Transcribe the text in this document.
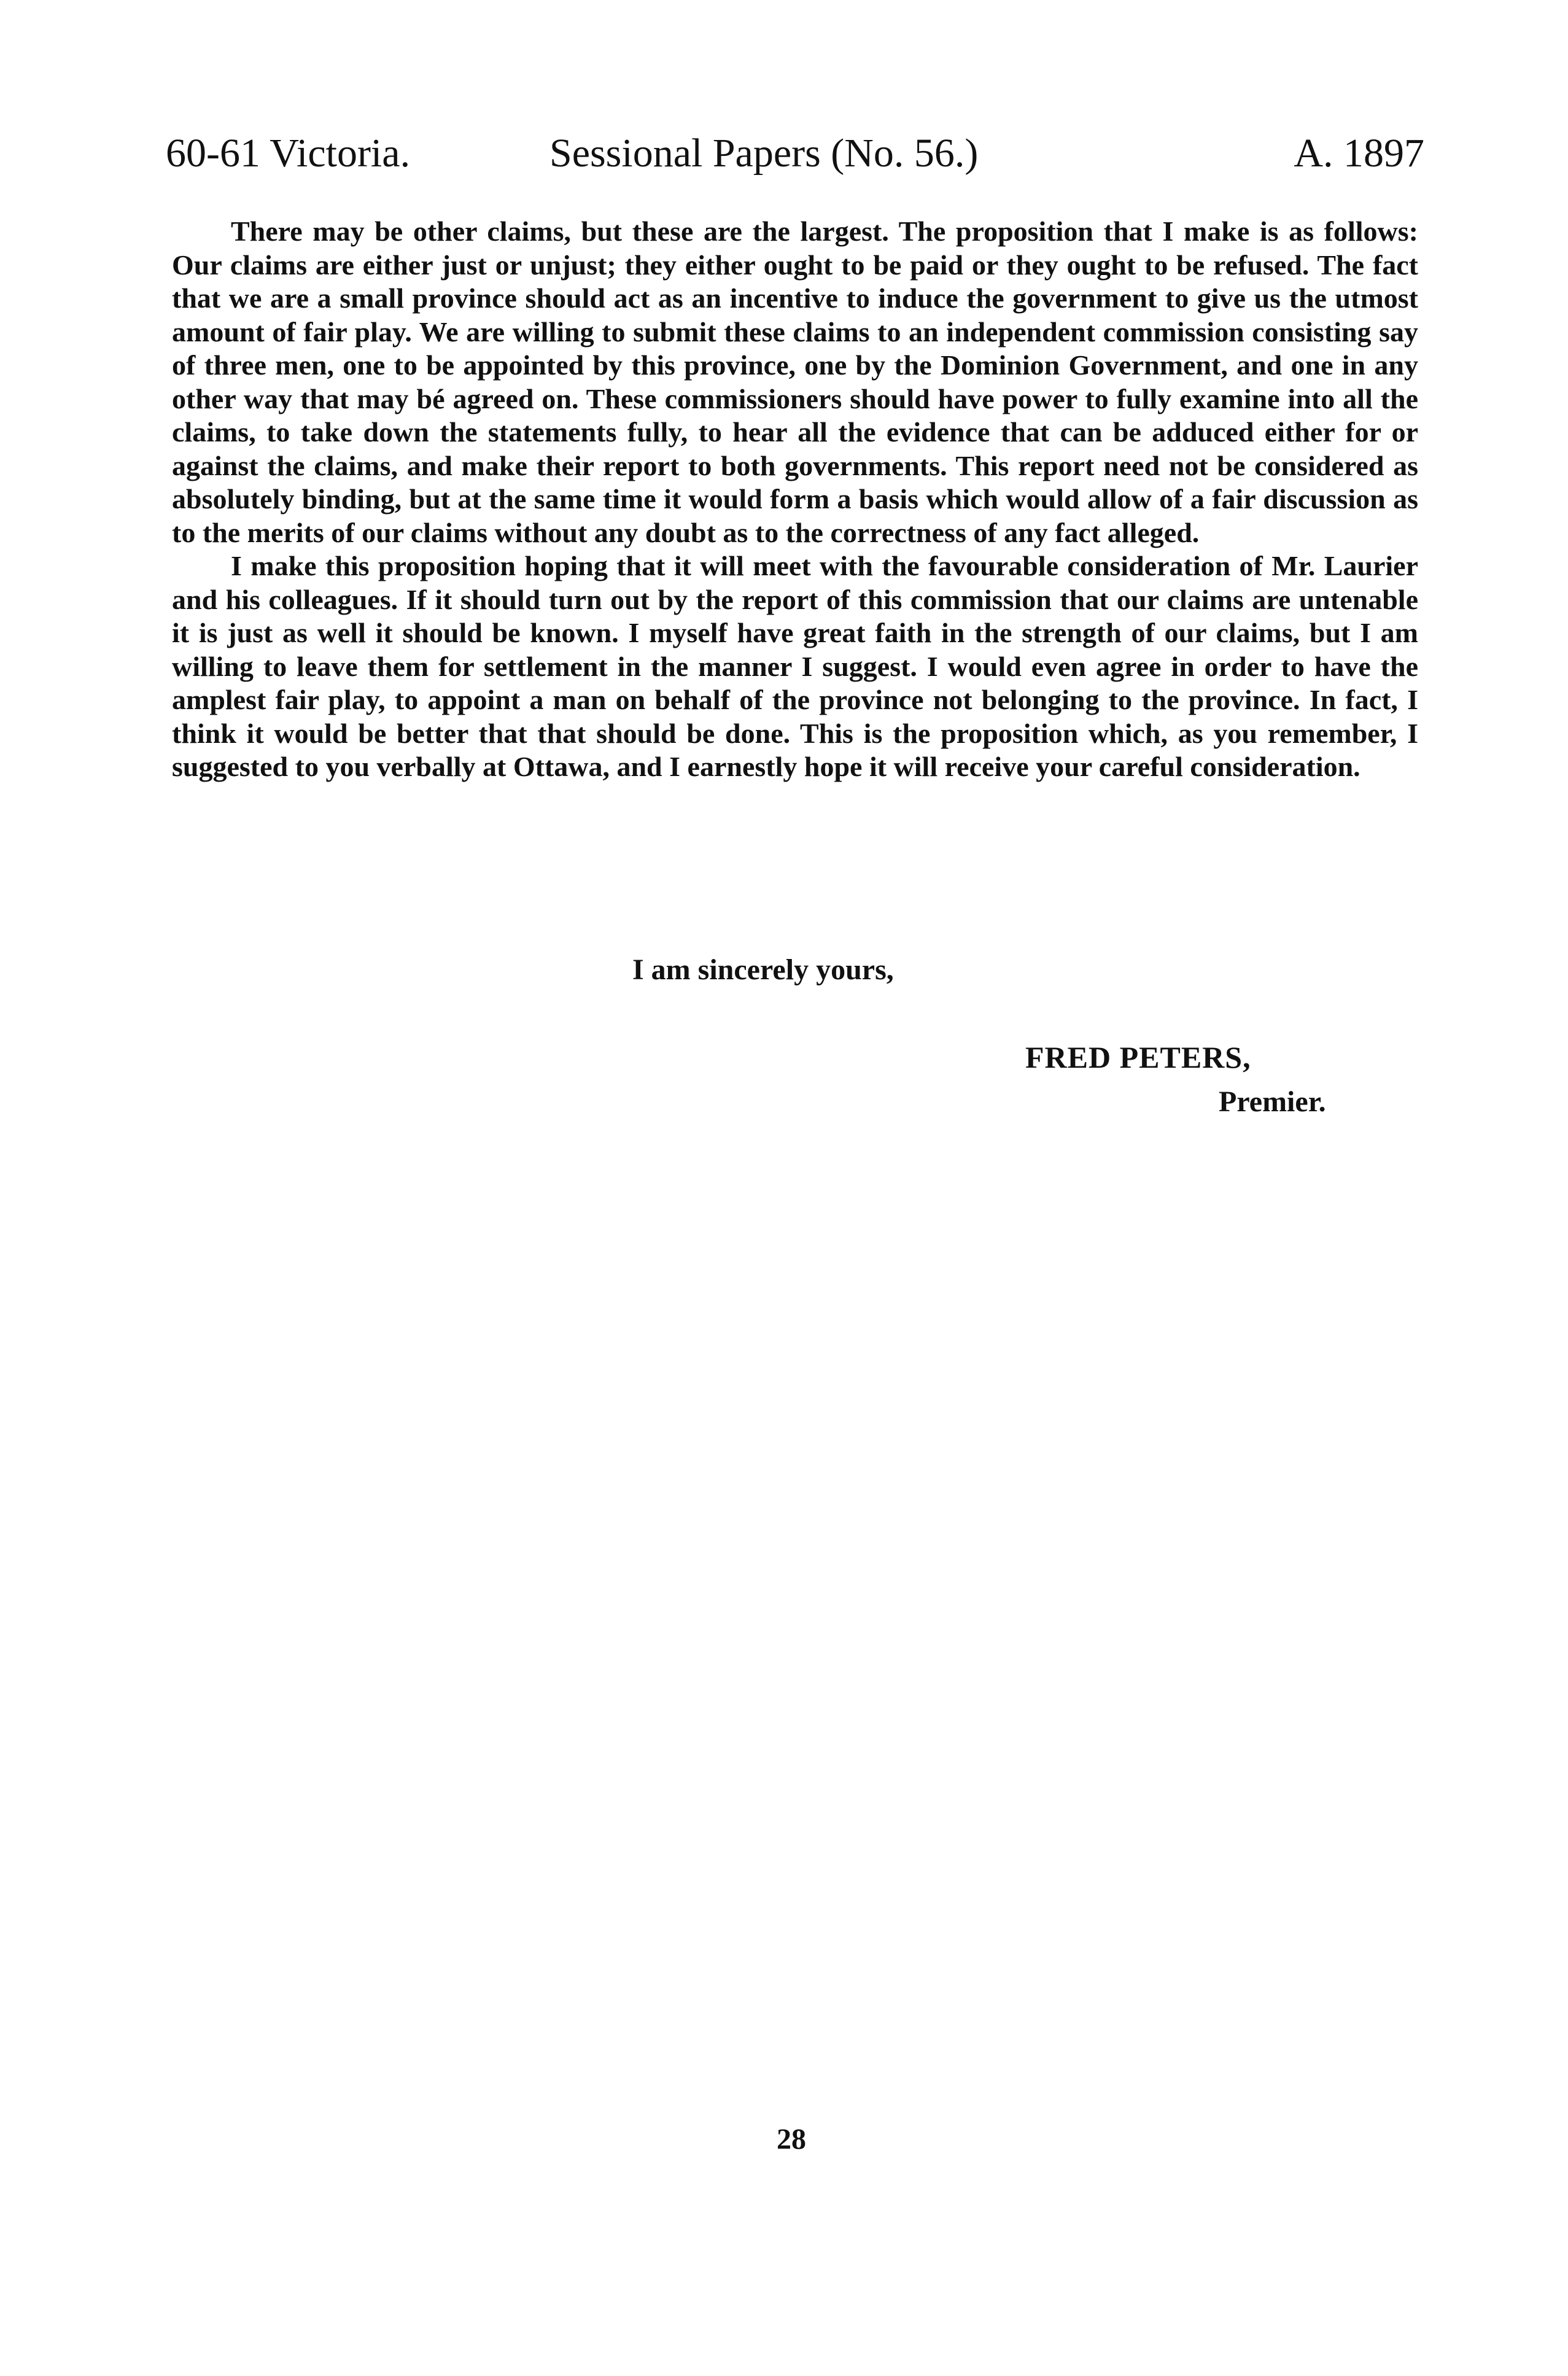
60-61 Victoria.	Sessional Papers (No. 56.)	A. 1897

There may be other claims, but these are the largest. The proposition that I make is as follows: Our claims are either just or unjust; they either ought to be paid or they ought to be refused. The fact that we are a small province should act as an incentive to induce the government to give us the utmost amount of fair play. We are willing to submit these claims to an independent commission consisting say of three men, one to be appointed by this province, one by the Dominion Government, and one in any other way that may bé agreed on. These commissioners should have power to fully examine into all the claims, to take down the statements fully, to hear all the evidence that can be adduced either for or against the claims, and make their report to both governments. This report need not be considered as absolutely binding, but at the same time it would form a basis which would allow of a fair discussion as to the merits of our claims without any doubt as to the correctness of any fact alleged.

I make this proposition hoping that it will meet with the favourable consideration of Mr. Laurier and his colleagues. If it should turn out by the report of this commission that our claims are untenable it is just as well it should be known. I myself have great faith in the strength of our claims, but I am willing to leave them for settlement in the manner I suggest. I would even agree in order to have the amplest fair play, to appoint a man on behalf of the province not belonging to the province. In fact, I think it would be better that that should be done. This is the proposition which, as you remember, I suggested to you verbally at Ottawa, and I earnestly hope it will receive your careful consideration.

I am sincerely yours,
FRED PETERS,
Premier.
28
